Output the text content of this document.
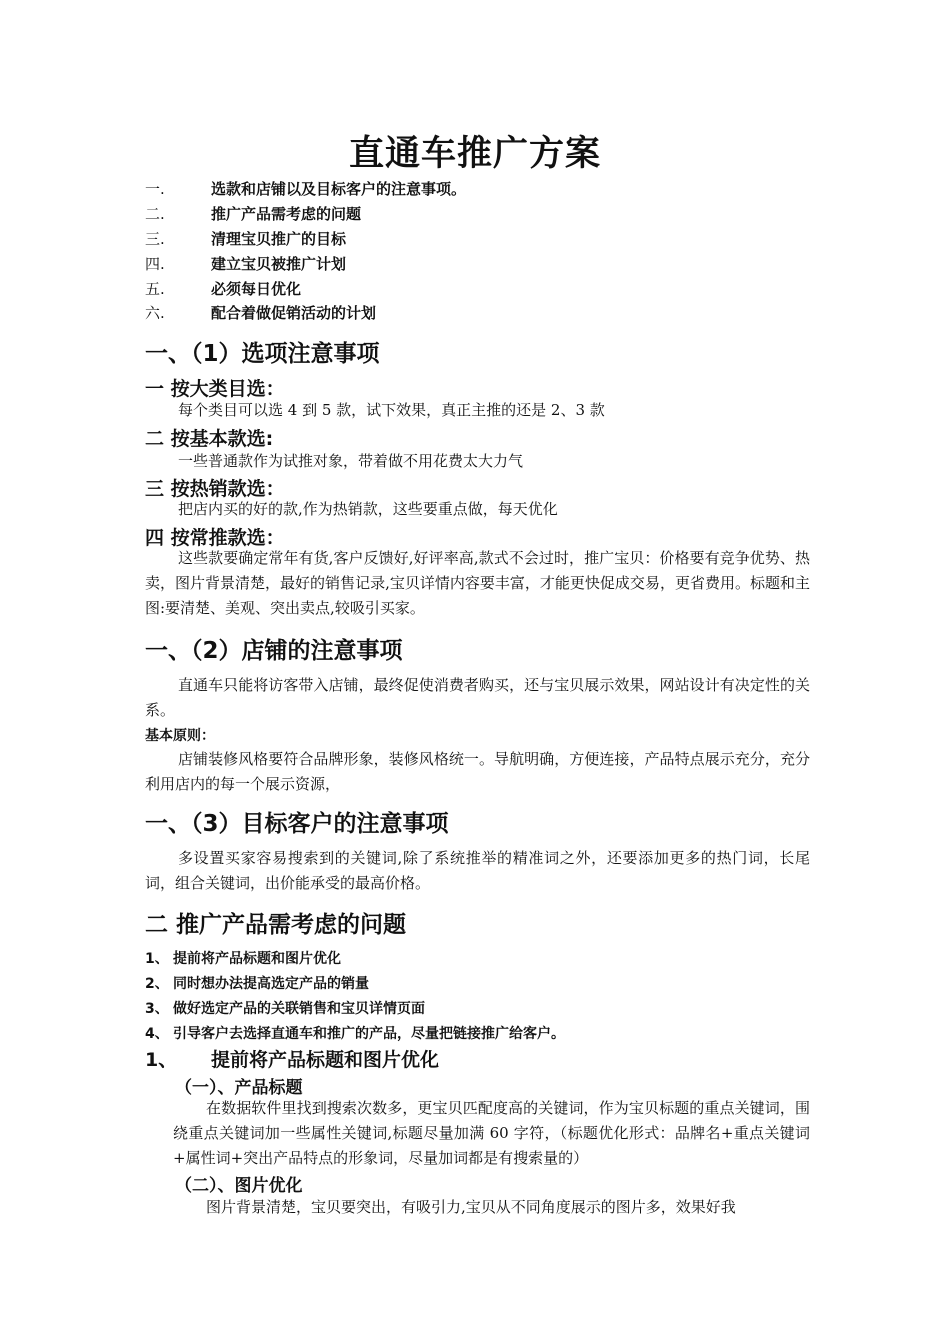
直通车推广方案
一.	选款和店铺以及目标客户的注意事项。
二.	推广产品需考虑的问题
三.	清理宝贝推广的目标
四.	建立宝贝被推广计划
五.	必须每日优化
六.	配合着做促销活动的计划
一、（1）选项注意事项
一 按大类目选：
每个类目可以选 4 到 5 款，试下效果，真正主推的还是 2、3 款
二 按基本款选:
一些普通款作为试推对象，带着做不用花费太大力气
三 按热销款选：
把店内买的好的款,作为热销款，这些要重点做，每天优化
四 按常推款选：
这些款要确定常年有货,客户反馈好,好评率高,款式不会过时，推广宝贝：价格要有竞争优势、热卖，图片背景清楚，最好的销售记录,宝贝详情内容要丰富，才能更快促成交易，更省费用。标题和主图:要清楚、美观、突出卖点,较吸引买家。
一、（2）店铺的注意事项
直通车只能将访客带入店铺，最终促使消费者购买，还与宝贝展示效果，网站设计有决定性的关系。
基本原则：
店铺装修风格要符合品牌形象，装修风格统一。导航明确，方便连接，产品特点展示充分，充分利用店内的每一个展示资源，
一、（3）目标客户的注意事项
多设置买家容易搜索到的关键词,除了系统推举的精准词之外，还要添加更多的热门词，长尾词，组合关键词，出价能承受的最高价格。
二 推广产品需考虑的问题
1、 提前将产品标题和图片优化
2、 同时想办法提高选定产品的销量
3、 做好选定产品的关联销售和宝贝详情页面
4、 引导客户去选择直通车和推广的产品，尽量把链接推广给客户。
1、 提前将产品标题和图片优化
（一）、产品标题
在数据软件里找到搜索次数多，更宝贝匹配度高的关键词，作为宝贝标题的重点关键词，围绕重点关键词加一些属性关键词,标题尽量加满 60 字符，（标题优化形式：品牌名+重点关键词+属性词+突出产品特点的形象词，尽量加词都是有搜索量的）
（二）、图片优化
图片背景清楚，宝贝要突出，有吸引力,宝贝从不同角度展示的图片多，效果好我
